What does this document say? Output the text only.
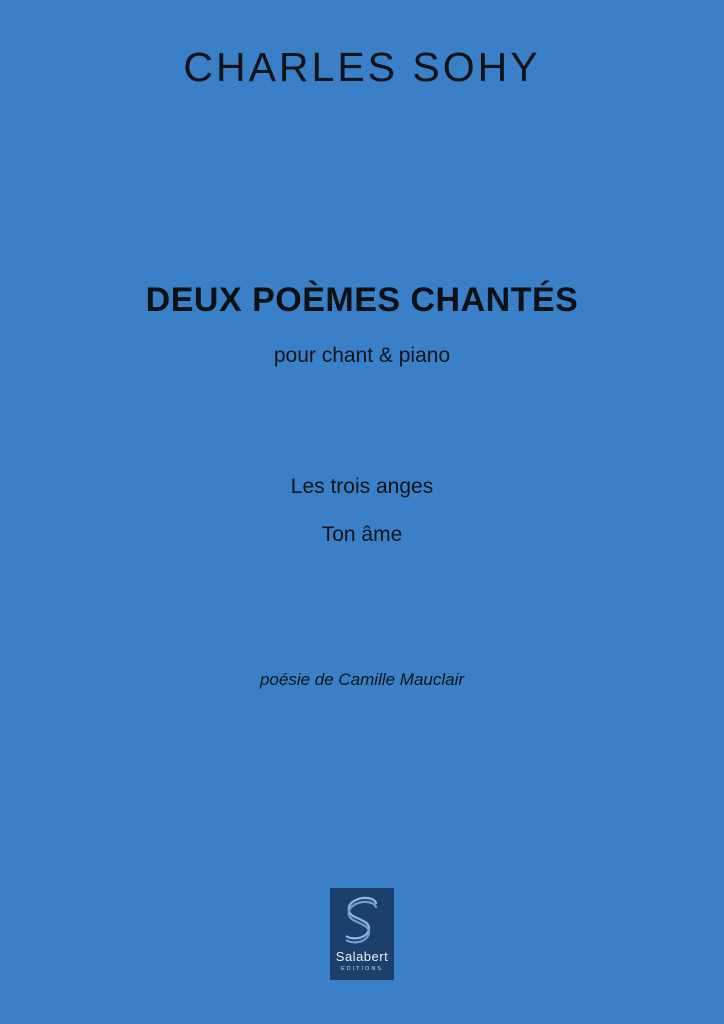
CHARLES SOHY
DEUX POÈMES CHANTÉS
pour chant & piano
Les trois anges
Ton âme
poésie de Camille Mauclair
Salabert
EDITIONS
